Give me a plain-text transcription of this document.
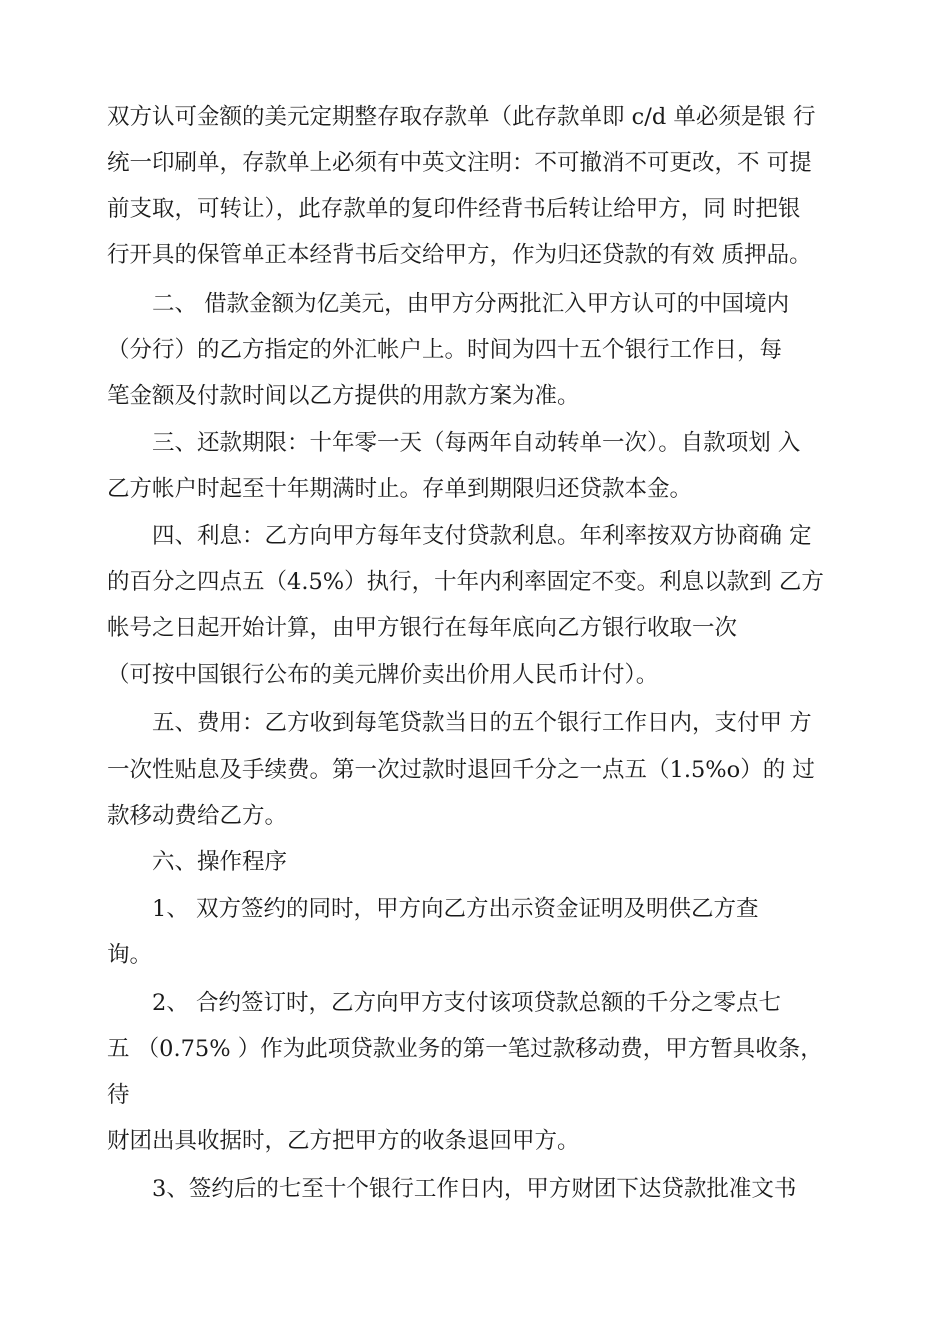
双方认可金额的美元定期整存取存款单（此存款单即 c/d 单必须是银 行
统一印刷单，存款单上必须有中英文注明：不可撤消不可更改，不 可提
前支取，可转让），此存款单的复印件经背书后转让给甲方，同 时把银
行开具的保管单正本经背书后交给甲方，作为归还贷款的有效 质押品。
二、 借款金额为亿美元，由甲方分两批汇入甲方认可的中国境内
（分行）的乙方指定的外汇帐户上。时间为四十五个银行工作日，每
笔金额及付款时间以乙方提供的用款方案为准。
三、还款期限：十年零一天（每两年自动转单一次）。自款项划 入
乙方帐户时起至十年期满时止。存单到期限归还贷款本金。
四、利息：乙方向甲方每年支付贷款利息。年利率按双方协商确 定
的百分之四点五（4.5%）执行，十年内利率固定不变。利息以款到 乙方
帐号之日起开始计算，由甲方银行在每年底向乙方银行收取一次
（可按中国银行公布的美元牌价卖出价用人民币计付）。
五、费用：乙方收到每笔贷款当日的五个银行工作日内，支付甲 方
一次性贴息及手续费。第一次过款时退回千分之一点五（1.5%o）的 过
款移动费给乙方。
六、操作程序
1、 双方签约的同时，甲方向乙方出示资金证明及明供乙方查
询。
2、 合约签订时，乙方向甲方支付该项贷款总额的千分之零点七
五 （0.75% ）作为此项贷款业务的第一笔过款移动费，甲方暂具收条，
待
财团出具收据时，乙方把甲方的收条退回甲方。
3、签约后的七至十个银行工作日内，甲方财团下达贷款批准文书
